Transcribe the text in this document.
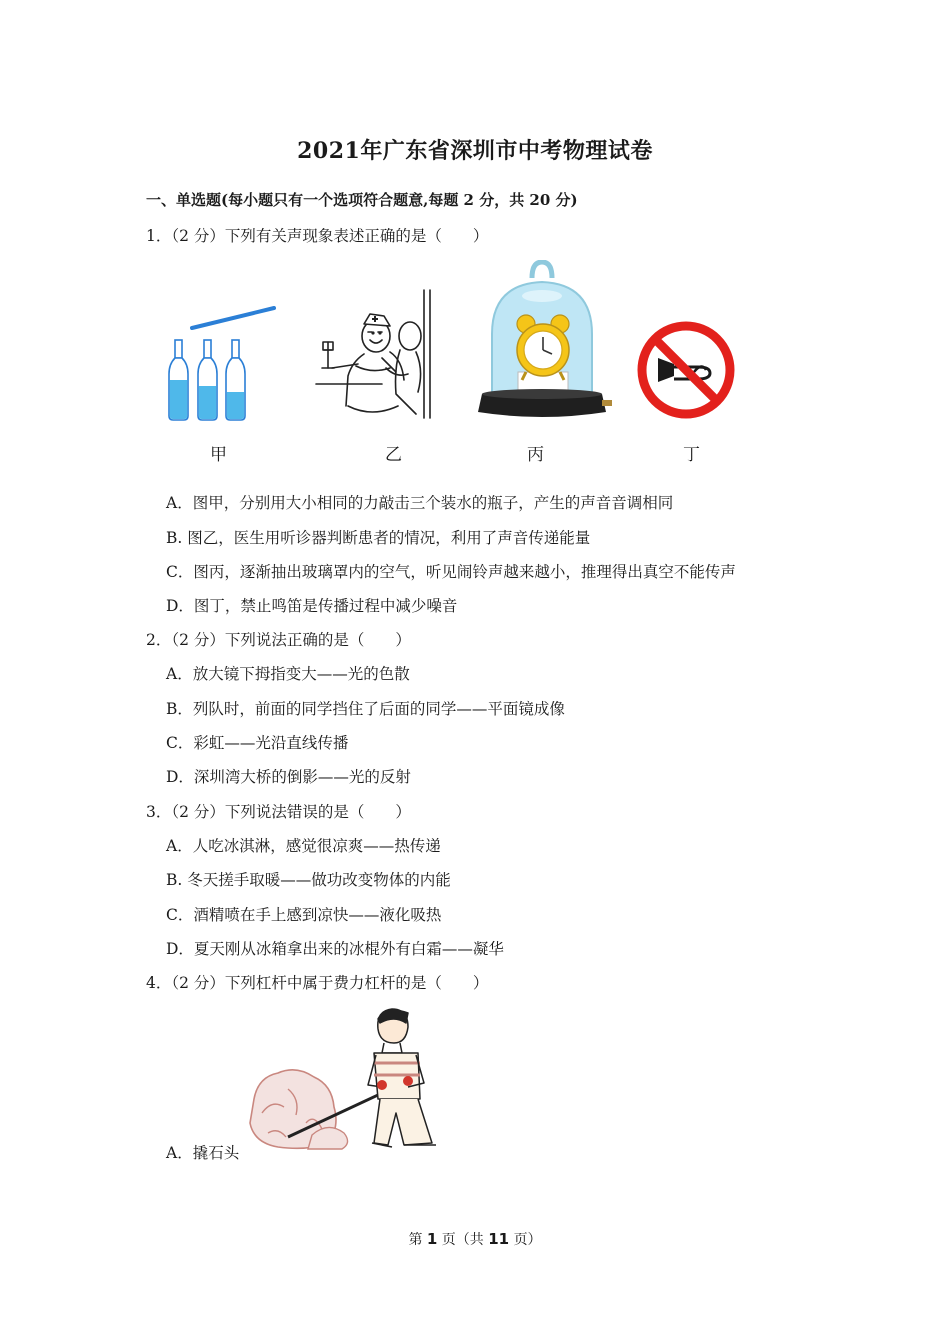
2021年广东省深圳市中考物理试卷
一、单选题(每小题只有一个选项符合题意,每题 2 分，共 20 分)
1．（2 分）下列有关声现象表述正确的是（　　）
甲	乙	丙	丁
A．图甲，分别用大小相同的力敲击三个装水的瓶子，产生的声音音调相同
B. 图乙，医生用听诊器判断患者的情况，利用了声音传递能量
C．图丙，逐渐抽出玻璃罩内的空气，听见闹铃声越来越小，推理得出真空不能传声
D．图丁，禁止鸣笛是传播过程中减少噪音
2．（2 分）下列说法正确的是（　　）
A．放大镜下拇指变大——光的色散
B．列队时，前面的同学挡住了后面的同学——平面镜成像
C．彩虹——光沿直线传播
D．深圳湾大桥的倒影——光的反射
3．（2 分）下列说法错误的是（　　）
A．人吃冰淇淋，感觉很凉爽——热传递
B. 冬天搓手取暖——做功改变物体的内能
C．酒精喷在手上感到凉快——液化吸热
D．夏天刚从冰箱拿出来的冰棍外有白霜——凝华
4．（2 分）下列杠杆中属于费力杠杆的是（　　）
A．撬石头
第 1 页（共 11 页）
